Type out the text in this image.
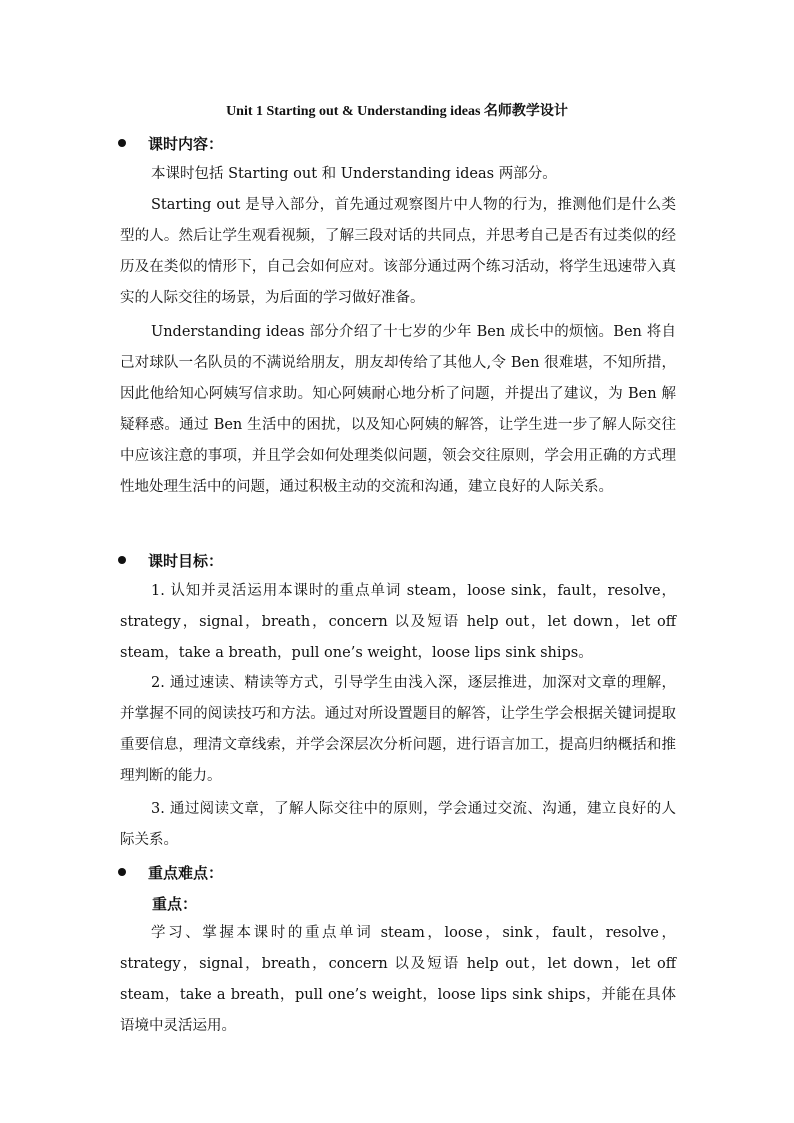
Unit 1 Starting out & Understanding ideas 名师教学设计
课时内容：
本课时包括 Starting out 和 Understanding ideas 两部分。
Starting out 是导入部分，首先通过观察图片中人物的行为，推测他们是什么类型的人。然后让学生观看视频，了解三段对话的共同点，并思考自己是否有过类似的经历及在类似的情形下，自己会如何应对。该部分通过两个练习活动，将学生迅速带入真实的人际交往的场景，为后面的学习做好准备。
Understanding ideas 部分介绍了十七岁的少年 Ben 成长中的烦恼。Ben 将自己对球队一名队员的不满说给朋友，朋友却传给了其他人,令 Ben 很难堪，不知所措，因此他给知心阿姨写信求助。知心阿姨耐心地分析了问题，并提出了建议，为 Ben 解疑释惑。通过 Ben 生活中的困扰，以及知心阿姨的解答，让学生进一步了解人际交往中应该注意的事项，并且学会如何处理类似问题，领会交往原则，学会用正确的方式理性地处理生活中的问题，通过积极主动的交流和沟通，建立良好的人际关系。
课时目标：
1. 认知并灵活运用本课时的重点单词 steam，loose sink，fault，resolve，strategy，signal，breath，concern 以及短语 help out，let down，let off steam，take a breath，pull one’s weight，loose lips sink ships。
2. 通过速读、精读等方式，引导学生由浅入深，逐层推进，加深对文章的理解，并掌握不同的阅读技巧和方法。通过对所设置题目的解答，让学生学会根据关键词提取重要信息，理清文章线索，并学会深层次分析问题，进行语言加工，提高归纳概括和推理判断的能力。
3. 通过阅读文章，了解人际交往中的原则，学会通过交流、沟通，建立良好的人际关系。
重点难点：
重点：
学习、掌握本课时的重点单词 steam，loose，sink，fault，resolve，strategy，signal，breath，concern 以及短语 help out，let down，let off steam，take a breath，pull one’s weight，loose lips sink ships，并能在具体语境中灵活运用。
